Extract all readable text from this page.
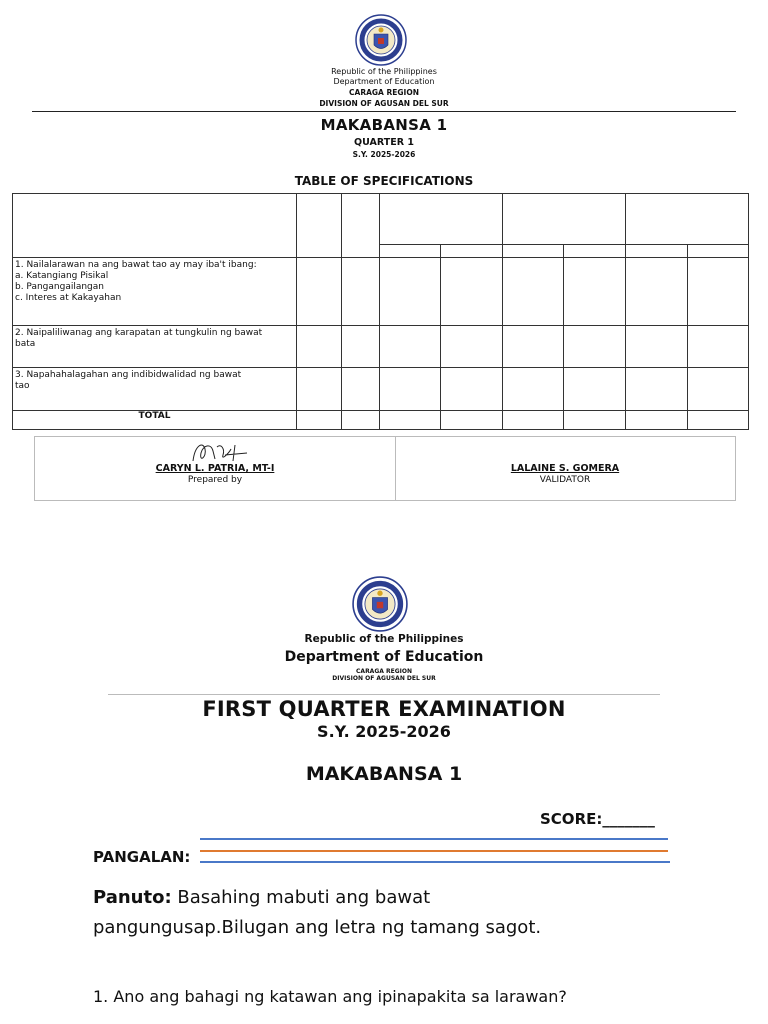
Republic of the Philippines
Department of Education
CARAGA REGION
DIVISION OF AGUSAN DEL SUR
MAKABANSA 1
QUARTER 1
S.Y. 2025-2026
TABLE OF SPECIFICATIONS

1. Nailalarawan na ang bawat tao ay may iba't ibang:
a. Katangiang Pisikal
b. Pangangailangan
c. Interes at Kakayahan								

2. Naipaliliwanag ang karapatan at tungkulin ng bawat
bata								

3. Napahahalagahan ang indibidwalidad ng bawat
tao								

TOTAL								
CARYN L. PATRIA, MT-I
Prepared by
LALAINE S. GOMERA
VALIDATOR
Republic of the Philippines
Department of Education
CARAGA REGION
DIVISION OF AGUSAN DEL SUR
FIRST QUARTER EXAMINATION
S.Y. 2025-2026
MAKABANSA 1
SCORE:_______
PANGALAN:
Panuto: Basahing mabuti ang bawat
pangungusap.Bilugan ang letra ng tamang sagot.
1. Ano ang bahagi ng katawan ang ipinapakita sa larawan?
